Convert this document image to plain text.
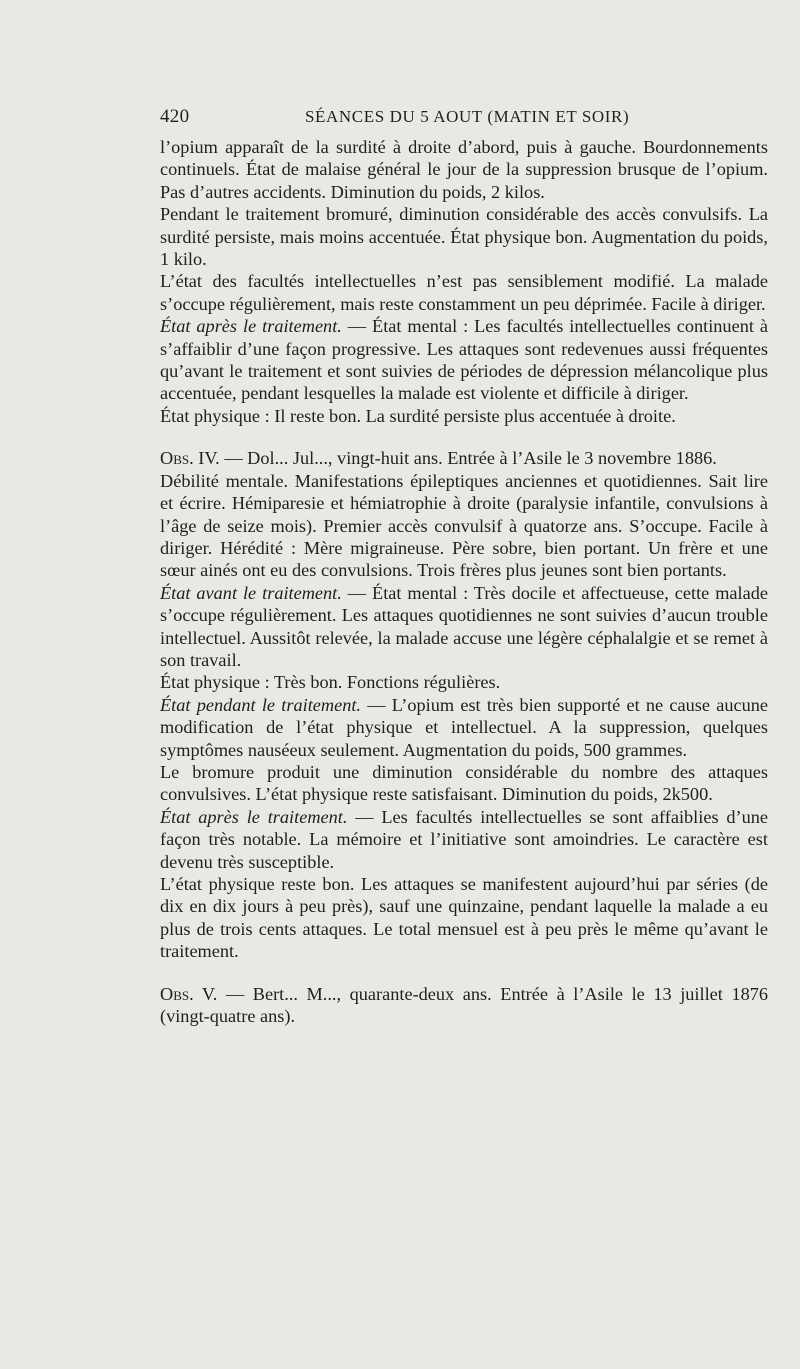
420	SÉANCES DU 5 AOUT (MATIN ET SOIR)

l’opium apparaît de la surdité à droite d’abord, puis à gauche. Bourdonnements continuels. État de malaise général le jour de la suppression brusque de l’opium. Pas d’autres accidents. Diminution du poids, 2 kilos.

Pendant le traitement bromuré, diminution considérable des accès convulsifs. La surdité persiste, mais moins accentuée. État physique bon. Augmentation du poids, 1 kilo.

L’état des facultés intellectuelles n’est pas sensiblement modifié. La malade s’occupe régulièrement, mais reste constamment un peu déprimée. Facile à diriger.

État après le traitement. — État mental : Les facultés intellectuelles continuent à s’affaiblir d’une façon progressive. Les attaques sont redevenues aussi fréquentes qu’avant le traitement et sont suivies de périodes de dépression mélancolique plus accentuée, pendant lesquelles la malade est violente et difficile à diriger.

État physique : Il reste bon. La surdité persiste plus accentuée à droite.

Obs. IV. — Dol... Jul..., vingt-huit ans. Entrée à l’Asile le 3 novembre 1886.

Débilité mentale. Manifestations épileptiques anciennes et quotidiennes. Sait lire et écrire. Hémiparesie et hémiatrophie à droite (paralysie infantile, convulsions à l’âge de seize mois). Premier accès convulsif à quatorze ans. S’occupe. Facile à diriger. Hérédité : Mère migraineuse. Père sobre, bien portant. Un frère et une sœur ainés ont eu des convulsions. Trois frères plus jeunes sont bien portants.

État avant le traitement. — État mental : Très docile et affectueuse, cette malade s’occupe régulièrement. Les attaques quotidiennes ne sont suivies d’aucun trouble intellectuel. Aussitôt relevée, la malade accuse une légère céphalalgie et se remet à son travail.

État physique : Très bon. Fonctions régulières.

État pendant le traitement. — L’opium est très bien supporté et ne cause aucune modification de l’état physique et intellectuel. A la suppression, quelques symptômes nauséeux seulement. Augmentation du poids, 500 grammes.

Le bromure produit une diminution considérable du nombre des attaques convulsives. L’état physique reste satisfaisant. Diminution du poids, 2k500.

État après le traitement. — Les facultés intellectuelles se sont affaiblies d’une façon très notable. La mémoire et l’initiative sont amoindries. Le caractère est devenu très susceptible.

L’état physique reste bon. Les attaques se manifestent aujourd’hui par séries (de dix en dix jours à peu près), sauf une quinzaine, pendant laquelle la malade a eu plus de trois cents attaques. Le total mensuel est à peu près le même qu’avant le traitement.

Obs. V. — Bert... M..., quarante-deux ans. Entrée à l’Asile le 13 juillet 1876 (vingt-quatre ans).
